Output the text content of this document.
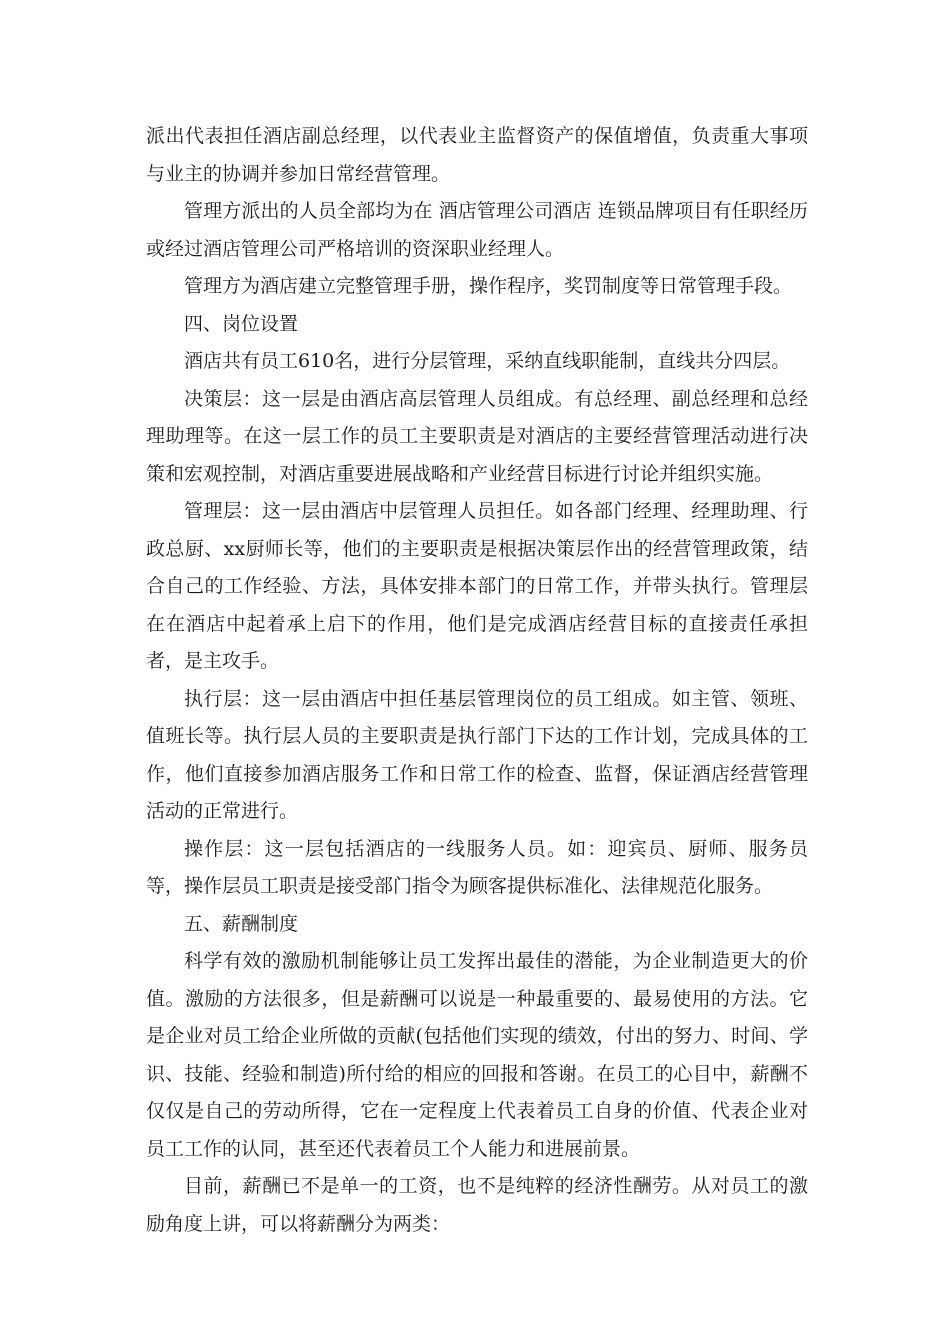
派出代表担任酒店副总经理，以代表业主监督资产的保值增值，负责重大事项与业主的协调并参加日常经营管理。

管理方派出的人员全部均为在 酒店管理公司酒店 连锁品牌项目有任职经历或经过酒店管理公司严格培训的资深职业经理人。

管理方为酒店建立完整管理手册，操作程序，奖罚制度等日常管理手段。

四、岗位设置

酒店共有员工610名，进行分层管理，采纳直线职能制，直线共分四层。

决策层：这一层是由酒店高层管理人员组成。有总经理、副总经理和总经理助理等。在这一层工作的员工主要职责是对酒店的主要经营管理活动进行决策和宏观控制，对酒店重要进展战略和产业经营目标进行讨论并组织实施。

管理层：这一层由酒店中层管理人员担任。如各部门经理、经理助理、行政总厨、xx厨师长等，他们的主要职责是根据决策层作出的经营管理政策，结合自己的工作经验、方法，具体安排本部门的日常工作，并带头执行。管理层在在酒店中起着承上启下的作用，他们是完成酒店经营目标的直接责任承担者，是主攻手。

执行层：这一层由酒店中担任基层管理岗位的员工组成。如主管、领班、值班长等。执行层人员的主要职责是执行部门下达的工作计划，完成具体的工作，他们直接参加酒店服务工作和日常工作的检查、监督，保证酒店经营管理活动的正常进行。

操作层：这一层包括酒店的一线服务人员。如：迎宾员、厨师、服务员等，操作层员工职责是接受部门指令为顾客提供标准化、法律规范化服务。

五、薪酬制度

科学有效的激励机制能够让员工发挥出最佳的潜能，为企业制造更大的价值。激励的方法很多，但是薪酬可以说是一种最重要的、最易使用的方法。它是企业对员工给企业所做的贡献(包括他们实现的绩效，付出的努力、时间、学识、技能、经验和制造)所付给的相应的回报和答谢。在员工的心目中，薪酬不仅仅是自己的劳动所得，它在一定程度上代表着员工自身的价值、代表企业对员工工作的认同，甚至还代表着员工个人能力和进展前景。

目前，薪酬已不是单一的工资，也不是纯粹的经济性酬劳。从对员工的激励角度上讲，可以将薪酬分为两类：
